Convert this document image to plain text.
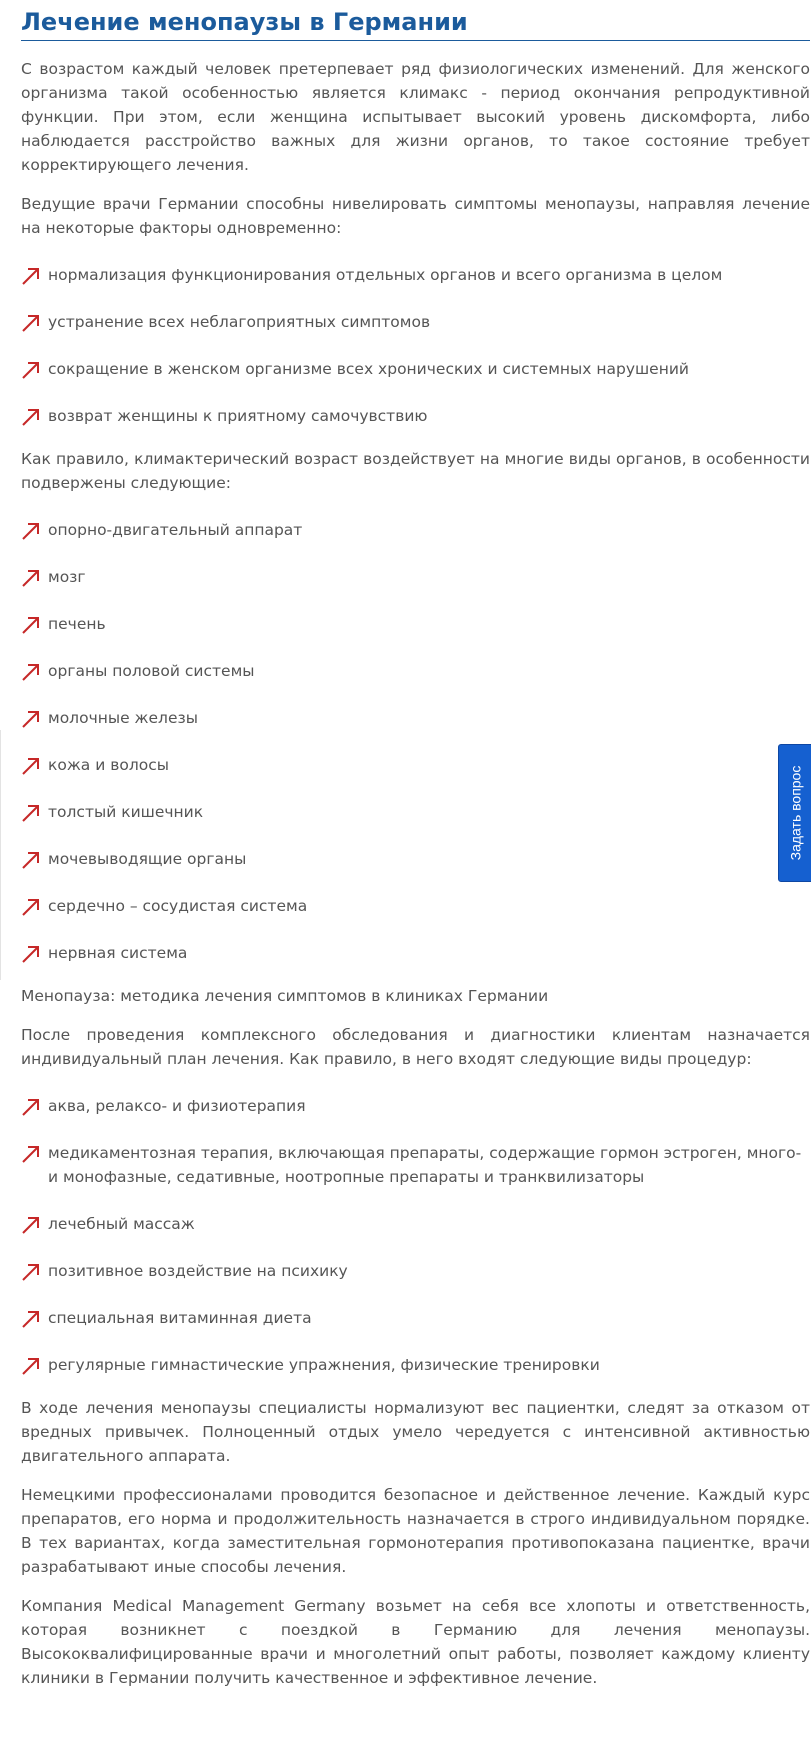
Лечение менопаузы в Германии

С возрастом каждый человек претерпевает ряд физиологических изменений. Для женского организма такой особенностью является климакс - период окончания репродуктивной функции. При этом, если женщина испытывает высокий уровень дискомфорта, либо наблюдается расстройство важных для жизни органов, то такое состояние требует корректирующего лечения.

Ведущие врачи Германии способны нивелировать симптомы менопаузы, направляя лечение на некоторые факторы одновременно:

нормализация функционирования отдельных органов и всего организма в целом
устранение всех неблагоприятных симптомов
сокращение в женском организме всех хронических и системных нарушений
возврат женщины к приятному самочувствию

Как правило, климактерический возраст воздействует на многие виды органов, в особенности подвержены следующие:

опорно-двигательный аппарат
мозг
печень
органы половой системы
молочные железы
кожа и волосы
толстый кишечник
мочевыводящие органы
сердечно – сосудистая система
нервная система

Менопауза: методика лечения симптомов в клиниках Германии

После проведения комплексного обследования и диагностики клиентам назначается индивидуальный план лечения. Как правило, в него входят следующие виды процедур:

аква, релаксо- и физиотерапия
медикаментозная терапия, включающая препараты, содержащие гормон эстроген, много- и монофазные, седативные, ноотропные препараты и транквилизаторы
лечебный массаж
позитивное воздействие на психику
специальная витаминная диета
регулярные гимнастические упражнения, физические тренировки

В ходе лечения менопаузы специалисты нормализуют вес пациентки, следят за отказом от вредных привычек. Полноценный отдых умело чередуется с интенсивной активностью двигательного аппарата.

Немецкими профессионалами проводится безопасное и действенное лечение. Каждый курс препаратов, его норма и продолжительность назначается в строго индивидуальном порядке. В тех вариантах, когда заместительная гормонотерапия противопоказана пациентке, врачи разрабатывают иные способы лечения.

Компания Medical Management Germany возьмет на себя все хлопоты и ответственность, которая возникнет с поездкой в Германию для лечения менопаузы. Высококвалифицированные врачи и многолетний опыт работы, позволяет каждому клиенту клиники в Германии получить качественное и эффективное лечение.

Задать вопрос
